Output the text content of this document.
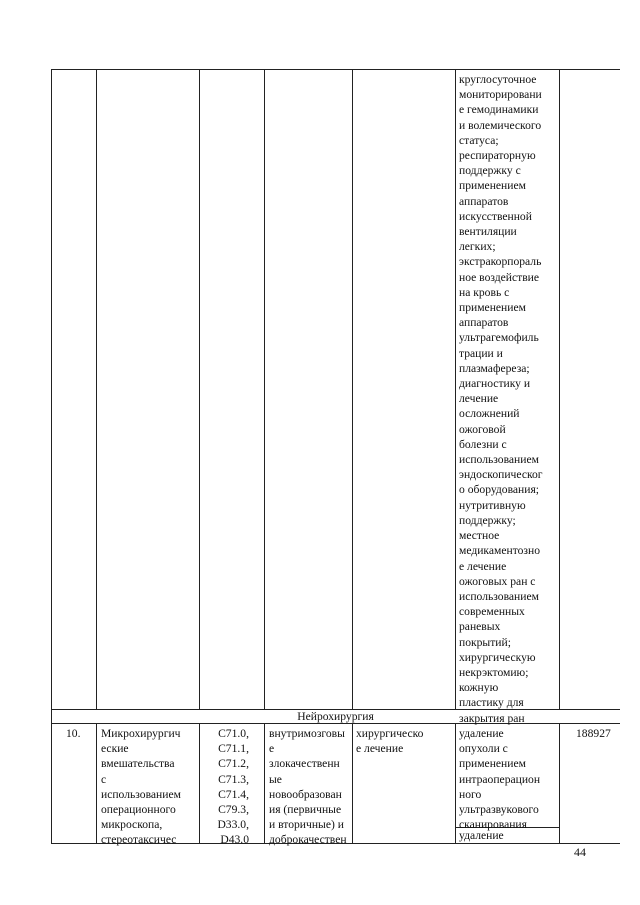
круглосуточное
мониторировани
е гемодинамики
и волемического
статуса;
респираторную
поддержку с
применением
аппаратов
искусственной
вентиляции
легких;
экстракорпораль
ное воздействие
на кровь с
применением
аппаратов
ультрагемофиль
трации и
плазмафереза;
диагностику и
лечение
осложнений
ожоговой
болезни с
использованием
эндоскопическог
о оборудования;
нутритивную
поддержку;
местное
медикаментозно
е лечение
ожоговых ран с
использованием
современных
раневых
покрытий;
хирургическую
некрэктомию;
кожную
пластику для
закрытия ран
Нейрохирургия
10. Микрохирургич
еские
вмешательства
с
использованием
операционного
микроскопа,
стереотаксичес
C71.0,
C71.1,
C71.2,
C71.3,
C71.4,
C79.3,
D33.0,
D43.0
внутримозговы
е
злокачественн
ые
новообразован
ия (первичные
и вторичные) и
доброкачествен
хирургическо
е лечение
удаление
опухоли с
применением
интраоперацион
ного
ультразвукового
сканирования
удаление
188927
44
